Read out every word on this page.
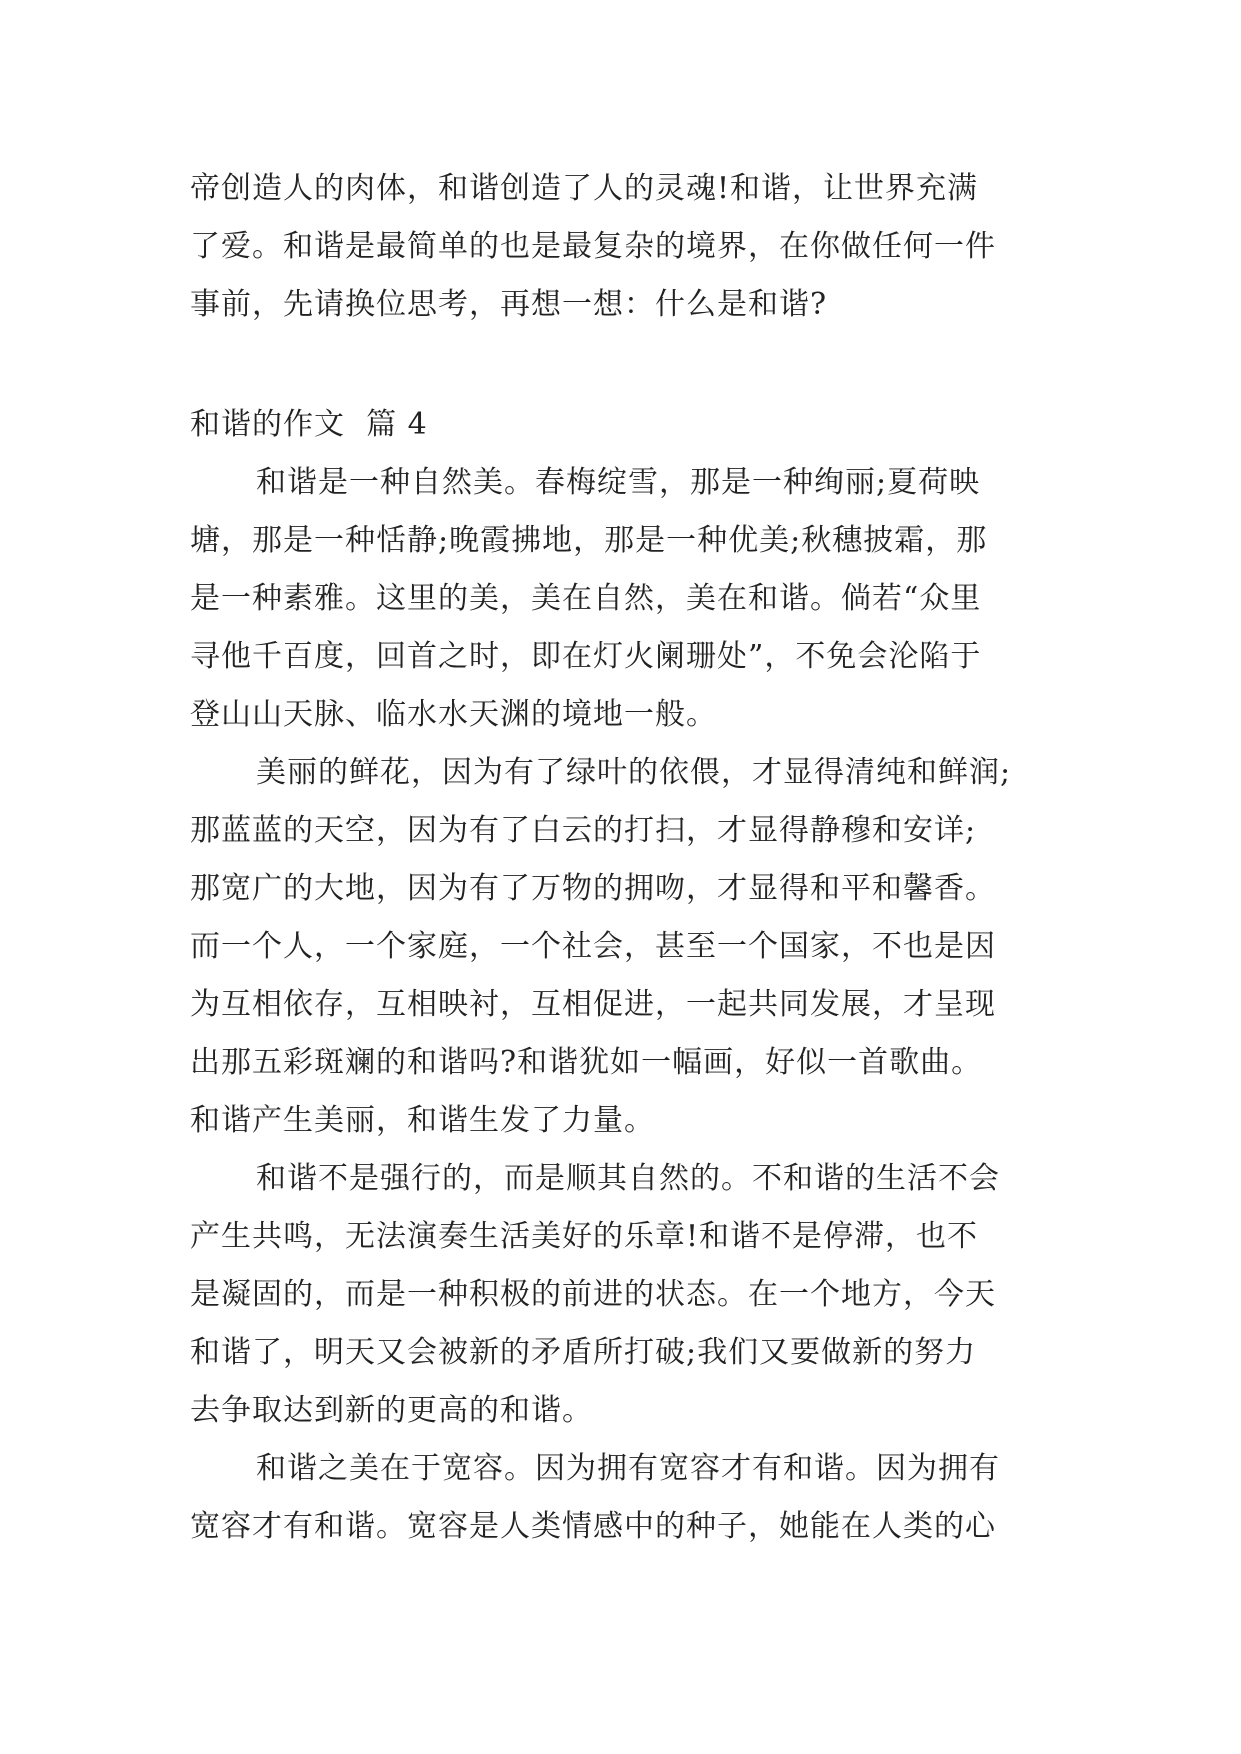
帝创造人的肉体，和谐创造了人的灵魂!和谐，让世界充满
了爱。和谐是最简单的也是最复杂的境界，在你做任何一件
事前，先请换位思考，再想一想：什么是和谐?
和谐的作文  篇 4
和谐是一种自然美。春梅绽雪，那是一种绚丽;夏荷映
塘，那是一种恬静;晚霞拂地，那是一种优美;秋穗披霜，那
是一种素雅。这里的美，美在自然，美在和谐。倘若“众里
寻他千百度，回首之时，即在灯火阑珊处”，不免会沦陷于
登山山天脉、临水水天渊的境地一般。
美丽的鲜花，因为有了绿叶的依偎，才显得清纯和鲜润;
那蓝蓝的天空，因为有了白云的打扫，才显得静穆和安详;
那宽广的大地，因为有了万物的拥吻，才显得和平和馨香。
而一个人，一个家庭，一个社会，甚至一个国家，不也是因
为互相依存，互相映衬，互相促进，一起共同发展，才呈现
出那五彩斑斓的和谐吗?和谐犹如一幅画，好似一首歌曲。
和谐产生美丽，和谐生发了力量。
和谐不是强行的，而是顺其自然的。不和谐的生活不会
产生共鸣，无法演奏生活美好的乐章!和谐不是停滞，也不
是凝固的，而是一种积极的前进的状态。在一个地方，今天
和谐了，明天又会被新的矛盾所打破;我们又要做新的努力
去争取达到新的更高的和谐。
和谐之美在于宽容。因为拥有宽容才有和谐。因为拥有
宽容才有和谐。宽容是人类情感中的种子，她能在人类的心
